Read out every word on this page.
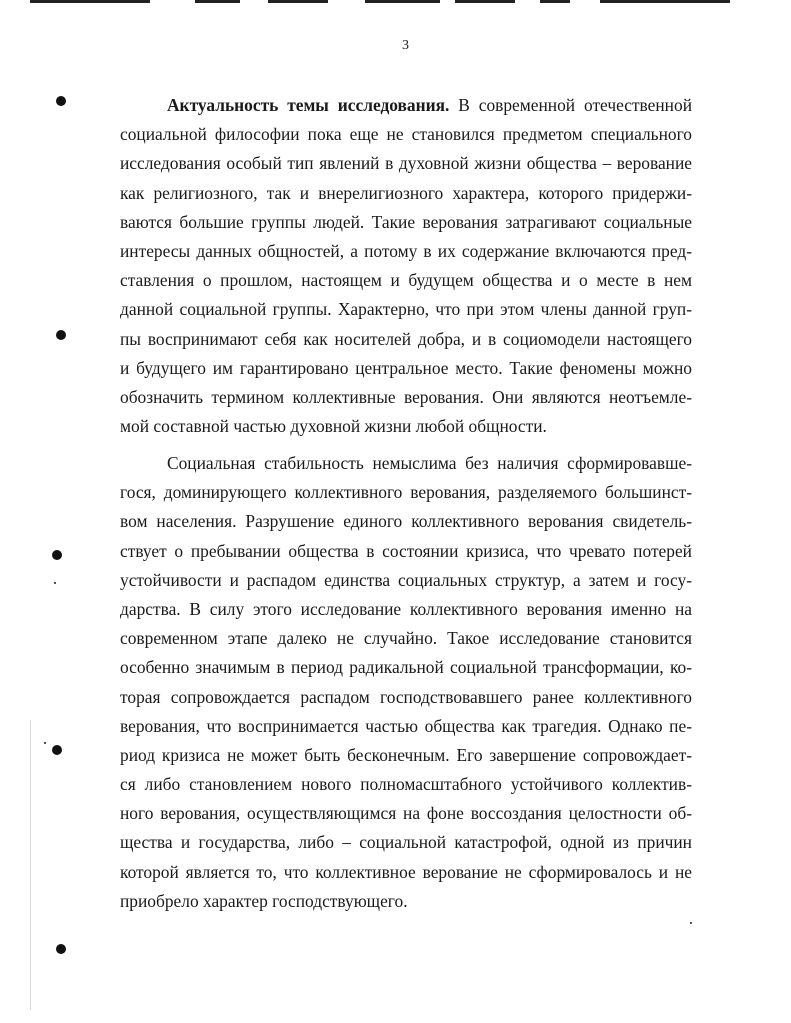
3
Актуальность темы исследования. В современной отечественной
социальной философии пока еще не становился предметом специального
исследования особый тип явлений в духовной жизни общества – верование
как религиозного, так и внерелигиозного характера, которого придержи-
ваются большие группы людей. Такие верования затрагивают социальные
интересы данных общностей, а потому в их содержание включаются пред-
ставления о прошлом, настоящем и будущем общества и о месте в нем
данной социальной группы. Характерно, что при этом члены данной груп-
пы воспринимают себя как носителей добра, и в социомодели настоящего
и будущего им гарантировано центральное место. Такие феномены можно
обозначить термином коллективные верования. Они являются неотъемле-
мой составной частью духовной жизни любой общности.
Социальная стабильность немыслима без наличия сформировавше-
гося, доминирующего коллективного верования, разделяемого большинст-
вом населения. Разрушение единого коллективного верования свидетель-
ствует о пребывании общества в состоянии кризиса, что чревато потерей
устойчивости и распадом единства социальных структур, а затем и госу-
дарства. В силу этого исследование коллективного верования именно на
современном этапе далеко не случайно. Такое исследование становится
особенно значимым в период радикальной социальной трансформации, ко-
торая сопровождается распадом господствовавшего ранее коллективного
верования, что воспринимается частью общества как трагедия. Однако пе-
риод кризиса не может быть бесконечным. Его завершение сопровождает-
ся либо становлением нового полномасштабного устойчивого коллектив-
ного верования, осуществляющимся на фоне воссоздания целостности об-
щества и государства, либо – социальной катастрофой, одной из причин
которой является то, что коллективное верование не сформировалось и не
приобрело характер господствующего.
